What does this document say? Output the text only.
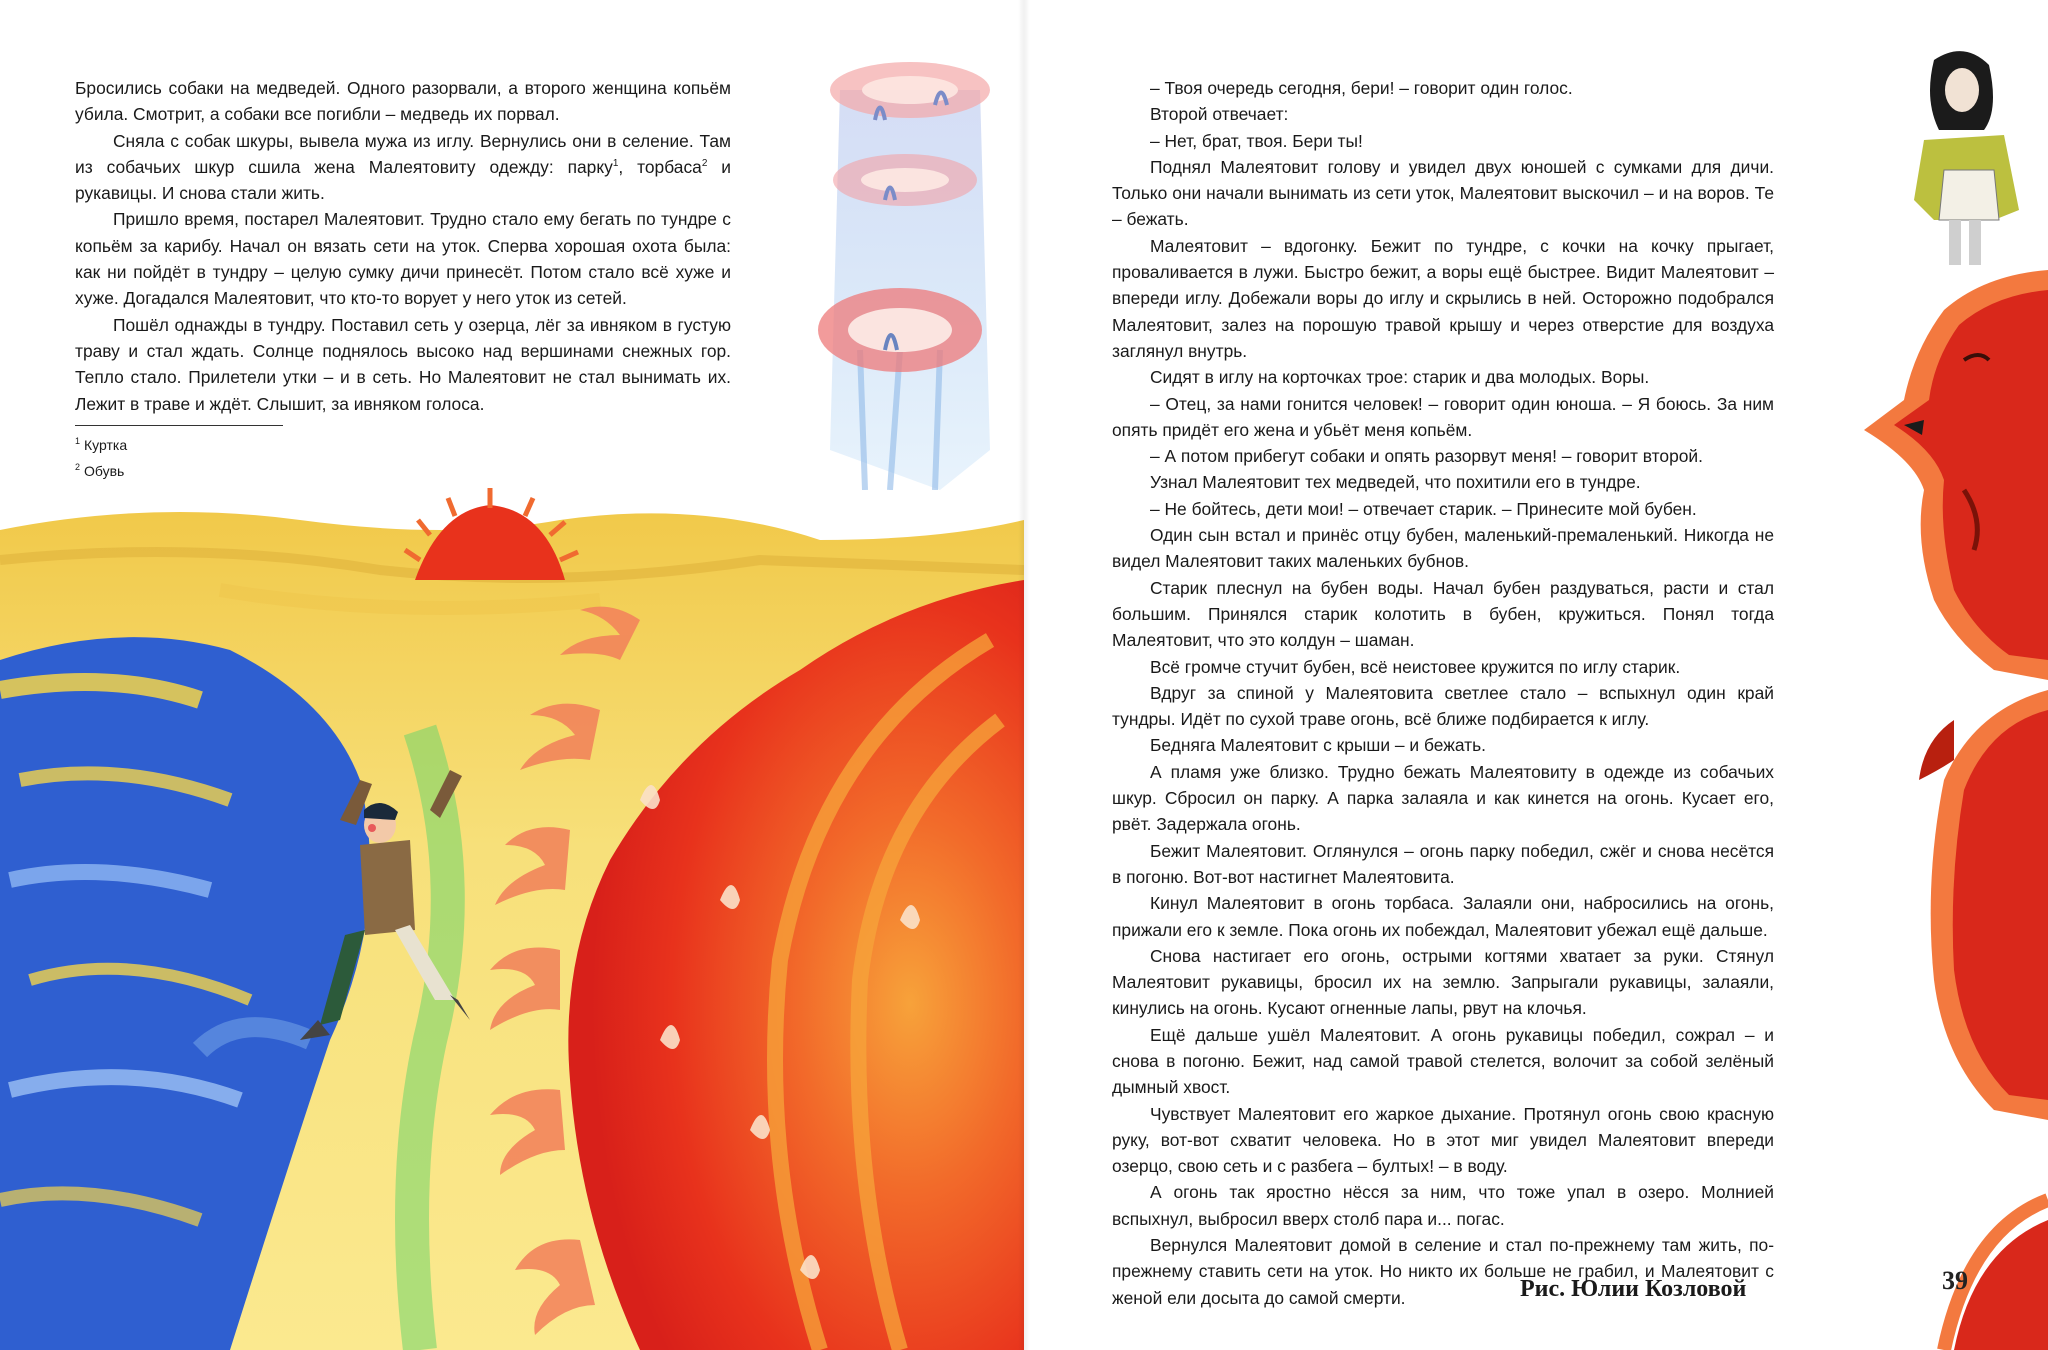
Бросились собаки на медведей. Одного разорвали, а второго женщина копьём убила. Смотрит, а собаки все погибли – медведь их порвал.

Сняла с собак шкуры, вывела мужа из иглу. Вернулись они в селение. Там из собачьих шкур сшила жена Малеятовиту одежду: парку$^1$, торбаса$^2$ и рукавицы. И снова стали жить.

Пришло время, постарел Малеятовит. Трудно стало ему бегать по тундре с копьём за карибу. Начал он вязать сети на уток. Сперва хорошая охота была: как ни пойдёт в тундру – целую сумку дичи принесёт. Потом стало всё хуже и хуже. Догадался Малеятовит, что кто-то ворует у него уток из сетей.

Пошёл однажды в тундру. Поставил сеть у озерца, лёг за ивняком в густую траву и стал ждать. Солнце поднялось высоко над вершинами снежных гор. Тепло стало. Прилетели утки – и в сеть. Но Малеятовит не стал вынимать их. Лежит в траве и ждёт. Слышит, за ивняком голоса.

$^1$ Куртка
$^2$ Обувь
Рис. Юлии Козловой	39

– Твоя очередь сегодня, бери! – говорит один голос.

Второй отвечает:

– Нет, брат, твоя. Бери ты!

Поднял Малеятовит голову и увидел двух юношей с сумками для дичи. Только они начали вынимать из сети уток, Малеятовит выскочил – и на воров. Те – бежать.

Малеятовит – вдогонку. Бежит по тундре, с кочки на кочку прыгает, проваливается в лужи. Быстро бежит, а воры ещё быстрее. Видит Малеятовит – впереди иглу. Добежали воры до иглу и скрылись в ней. Осторожно подобрался Малеятовит, залез на порошую травой крышу и через отверстие для воздуха заглянул внутрь.

Сидят в иглу на корточках трое: старик и два молодых. Воры.

– Отец, за нами гонится человек! – говорит один юноша. – Я боюсь. За ним опять придёт его жена и убьёт меня копьём.

– А потом прибегут собаки и опять разорвут меня! – говорит второй.

Узнал Малеятовит тех медведей, что похитили его в тундре.

– Не бойтесь, дети мои! – отвечает старик. – Принесите мой бубен.

Один сын встал и принёс отцу бубен, маленький-премаленький. Никогда не видел Малеятовит таких маленьких бубнов.

Старик плеснул на бубен воды. Начал бубен раздуваться, расти и стал большим. Принялся старик колотить в бубен, кружиться. Понял тогда Малеятовит, что это колдун – шаман.

Всё громче стучит бубен, всё неистовее кружится по иглу старик.

Вдруг за спиной у Малеятовита светлее стало – вспыхнул один край тундры. Идёт по сухой траве огонь, всё ближе подбирается к иглу.

Бедняга Малеятовит с крыши – и бежать.

А пламя уже близко. Трудно бежать Малеятовиту в одежде из собачьих шкур. Сбросил он парку. А парка залаяла и как кинется на огонь. Кусает его, рвёт. Задержала огонь.

Бежит Малеятовит. Оглянулся – огонь парку победил, сжёг и снова несётся в погоню. Вот-вот настигнет Малеятовита.

Кинул Малеятовит в огонь торбаса. Залаяли они, набросились на огонь, прижали его к земле. Пока огонь их побеждал, Малеятовит убежал ещё дальше.

Снова настигает его огонь, острыми когтями хватает за руки. Стянул Малеятовит рукавицы, бросил их на землю. Запрыгали рукавицы, залаяли, кинулись на огонь. Кусают огненные лапы, рвут на клочья.

Ещё дальше ушёл Малеятовит. А огонь рукавицы победил, сожрал – и снова в погоню. Бежит, над самой травой стелется, волочит за собой зелёный дымный хвост.

Чувствует Малеятовит его жаркое дыхание. Протянул огонь свою красную руку, вот-вот схватит человека. Но в этот миг увидел Малеятовит впереди озерцо, свою сеть и с разбега – бултых! – в воду.

А огонь так яростно нёсся за ним, что тоже упал в озеро. Молнией вспыхнул, выбросил вверх столб пара и... погас.

Вернулся Малеятовит домой в селение и стал по-прежнему там жить, по-прежнему ставить сети на уток. Но никто их больше не грабил, и Малеятовит с женой ели досыта до самой смерти.
